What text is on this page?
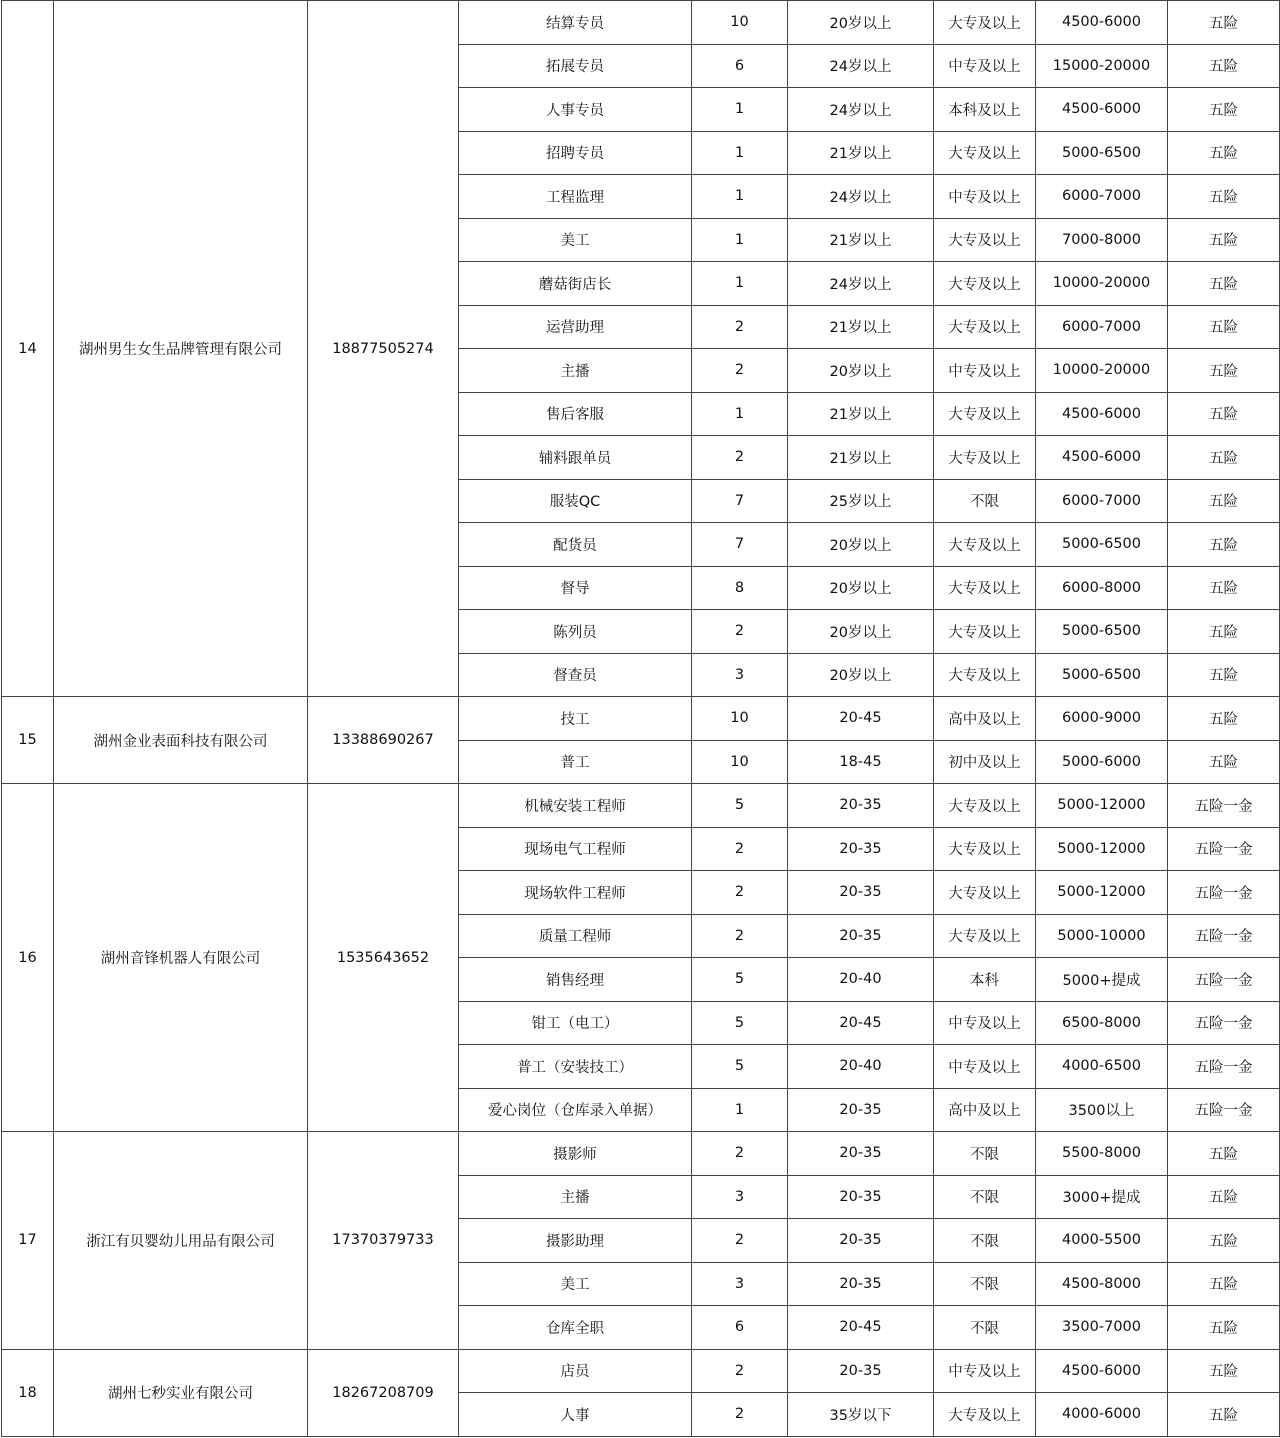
14	湖州男生女生品牌管理有限公司	18877505274	结算专员	10	20岁以上	大专及以上	4500-6000	五险
			拓展专员	6	24岁以上	中专及以上	15000-20000	五险
			人事专员	1	24岁以上	本科及以上	4500-6000	五险
			招聘专员	1	21岁以上	大专及以上	5000-6500	五险
			工程监理	1	24岁以上	中专及以上	6000-7000	五险
			美工	1	21岁以上	大专及以上	7000-8000	五险
			蘑菇街店长	1	24岁以上	大专及以上	10000-20000	五险
			运营助理	2	21岁以上	大专及以上	6000-7000	五险
			主播	2	20岁以上	中专及以上	10000-20000	五险
			售后客服	1	21岁以上	大专及以上	4500-6000	五险
			辅料跟单员	2	21岁以上	大专及以上	4500-6000	五险
			服装QC	7	25岁以上	不限	6000-7000	五险
			配货员	7	20岁以上	大专及以上	5000-6500	五险
			督导	8	20岁以上	大专及以上	6000-8000	五险
			陈列员	2	20岁以上	大专及以上	5000-6500	五险
			督查员	3	20岁以上	大专及以上	5000-6500	五险
15	湖州金业表面科技有限公司	13388690267	技工	10	20-45	高中及以上	6000-9000	五险
			普工	10	18-45	初中及以上	5000-6000	五险
16	湖州音锋机器人有限公司	1535643652	机械安装工程师	5	20-35	大专及以上	5000-12000	五险一金
			现场电气工程师	2	20-35	大专及以上	5000-12000	五险一金
			现场软件工程师	2	20-35	大专及以上	5000-12000	五险一金
			质量工程师	2	20-35	大专及以上	5000-10000	五险一金
			销售经理	5	20-40	本科	5000+提成	五险一金
			钳工（电工）	5	20-45	中专及以上	6500-8000	五险一金
			普工（安装技工）	5	20-40	中专及以上	4000-6500	五险一金
			爱心岗位（仓库录入单据）	1	20-35	高中及以上	3500以上	五险一金
17	浙江有贝婴幼儿用品有限公司	17370379733	摄影师	2	20-35	不限	5500-8000	五险
			主播	3	20-35	不限	3000+提成	五险
			摄影助理	2	20-35	不限	4000-5500	五险
			美工	3	20-35	不限	4500-8000	五险
			仓库全职	6	20-45	不限	3500-7000	五险
18	湖州七秒实业有限公司	18267208709	店员	2	20-35	中专及以上	4500-6000	五险
			人事	2	35岁以下	大专及以上	4000-6000	五险
